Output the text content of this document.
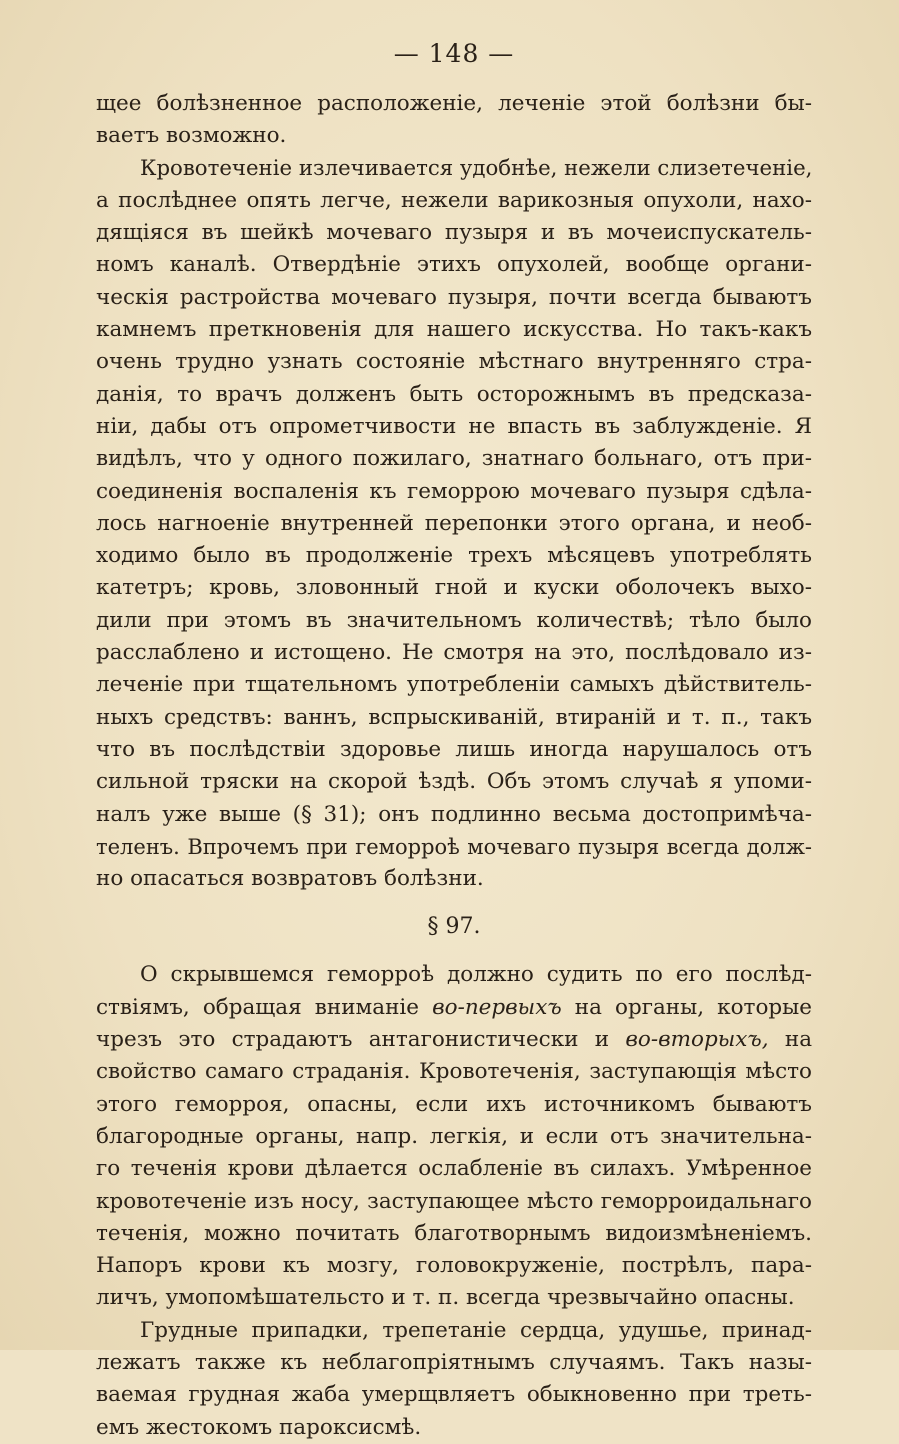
— 148 —
щее болѣзненное расположеніе, леченіе этой болѣзни бы-
ваетъ возможно.
Кровотеченіе излечивается удобнѣе, нежели слизетеченіе,
а послѣднее опять легче, нежели варикозныя опухоли, нахо-
дящіяся въ шейкѣ мочеваго пузыря и въ мочеиспускатель-
номъ каналѣ. Отвердѣніе этихъ опухолей, вообще органи-
ческія растройства мочеваго пузыря, почти всегда бываютъ
камнемъ преткновенія для нашего искусства. Но такъ-какъ
очень трудно узнать состояніе мѣстнаго внутренняго стра-
данія, то врачъ долженъ быть осторожнымъ въ предсказа-
ніи, дабы отъ опрометчивости не впасть въ заблужденіе. Я
видѣлъ, что у одного пожилаго, знатнаго больнаго, отъ при-
соединенія воспаленія къ геморрою мочеваго пузыря сдѣла-
лось нагноеніе внутренней перепонки этого органа, и необ-
ходимо было въ продолженіе трехъ мѣсяцевъ употреблять
катетръ; кровь, зловонный гной и куски оболочекъ выхо-
дили при этомъ въ значительномъ количествѣ; тѣло было
расслаблено и истощено. Не смотря на это, послѣдовало из-
леченіе при тщательномъ употребленіи самыхъ дѣйствитель-
ныхъ средствъ: ваннъ, вспрыскиваній, втираній и т. п., такъ
что въ послѣдствіи здоровье лишь иногда нарушалось отъ
сильной тряски на скорой ѣздѣ. Объ этомъ случаѣ я упоми-
налъ уже выше (§ 31); онъ подлинно весьма достопримѣча-
теленъ. Впрочемъ при геморроѣ мочеваго пузыря всегда долж-
но опасаться возвратовъ болѣзни.
§ 97.
О скрывшемся геморроѣ должно судить по его послѣд-
ствіямъ, обращая вниманіе во-первыхъ на органы, которые
чрезъ это страдаютъ антагонистически и во-вторыхъ, на
свойство самаго страданія. Кровотеченія, заступающія мѣсто
этого геморроя, опасны, если ихъ источникомъ бываютъ
благородные органы, напр. легкія, и если отъ значительна-
го теченія крови дѣлается ослабленіе въ силахъ. Умѣренное
кровотеченіе изъ носу, заступающее мѣсто геморроидальнаго
теченія, можно почитать благотворнымъ видоизмѣненіемъ.
Напоръ крови къ мозгу, головокруженіе, пострѣлъ, пара-
личъ, умопомѣшательсто и т. п. всегда чрезвычайно опасны.
Грудные припадки, трепетаніе сердца, удушье, принад-
лежатъ также къ неблагопріятнымъ случаямъ. Такъ назы-
ваемая грудная жаба умерщвляетъ обыкновенно при треть-
емъ жестокомъ пароксисмѣ.
